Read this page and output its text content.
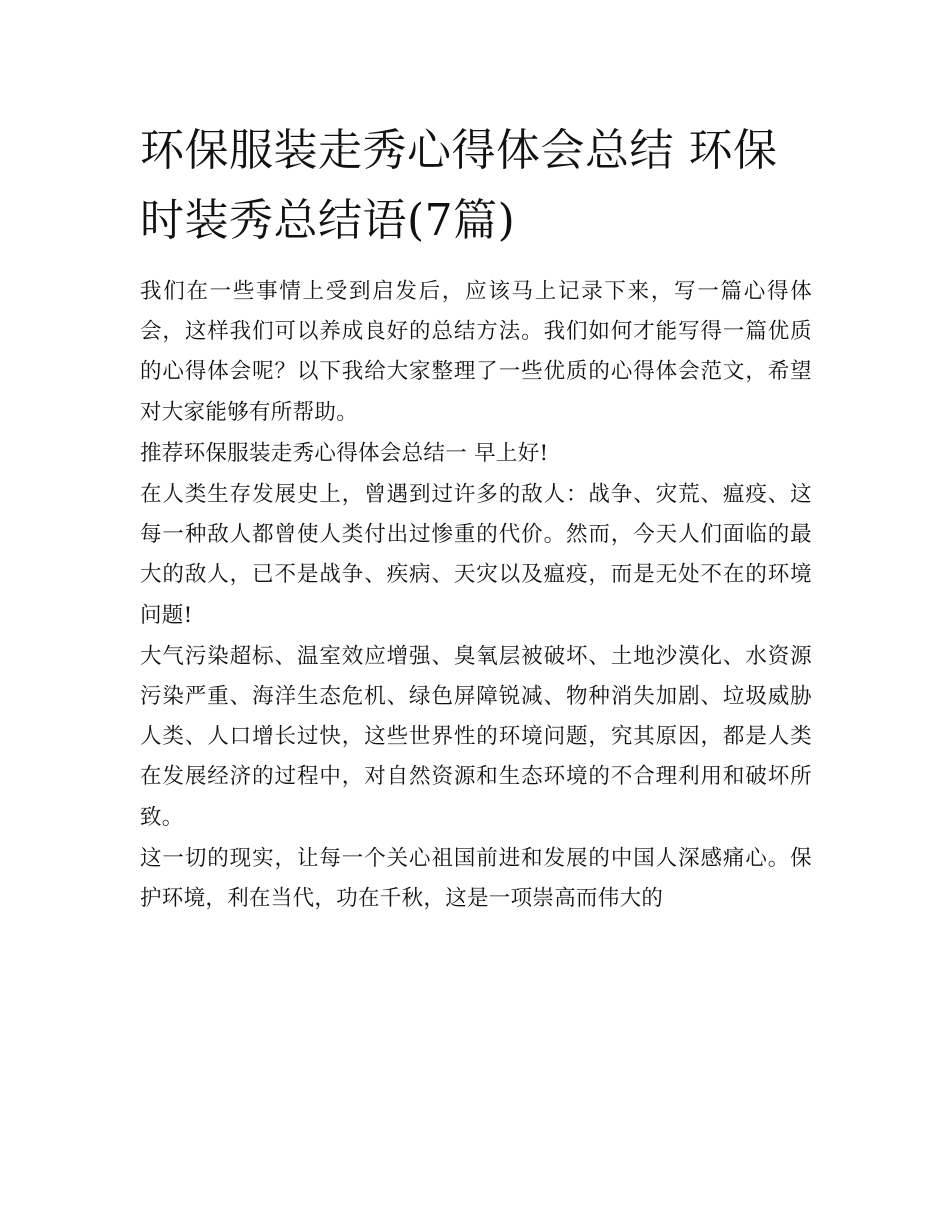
环保服装走秀心得体会总结 环保时装秀总结语(7篇)

我们在一些事情上受到启发后，应该马上记录下来，写一篇心得体会，这样我们可以养成良好的总结方法。我们如何才能写得一篇优质的心得体会呢？以下我给大家整理了一些优质的心得体会范文，希望对大家能够有所帮助。

推荐环保服装走秀心得体会总结一 早上好!

在人类生存发展史上，曾遇到过许多的敌人：战争、灾荒、瘟疫、这每一种敌人都曾使人类付出过惨重的代价。然而，今天人们面临的最大的敌人，已不是战争、疾病、天灾以及瘟疫，而是无处不在的环境问题!

大气污染超标、温室效应增强、臭氧层被破坏、土地沙漠化、水资源污染严重、海洋生态危机、绿色屏障锐减、物种消失加剧、垃圾威胁人类、人口增长过快，这些世界性的环境问题，究其原因，都是人类在发展经济的过程中，对自然资源和生态环境的不合理利用和破坏所致。

这一切的现实，让每一个关心祖国前进和发展的中国人深感痛心。保护环境，利在当代，功在千秋，这是一项崇高而伟大的
